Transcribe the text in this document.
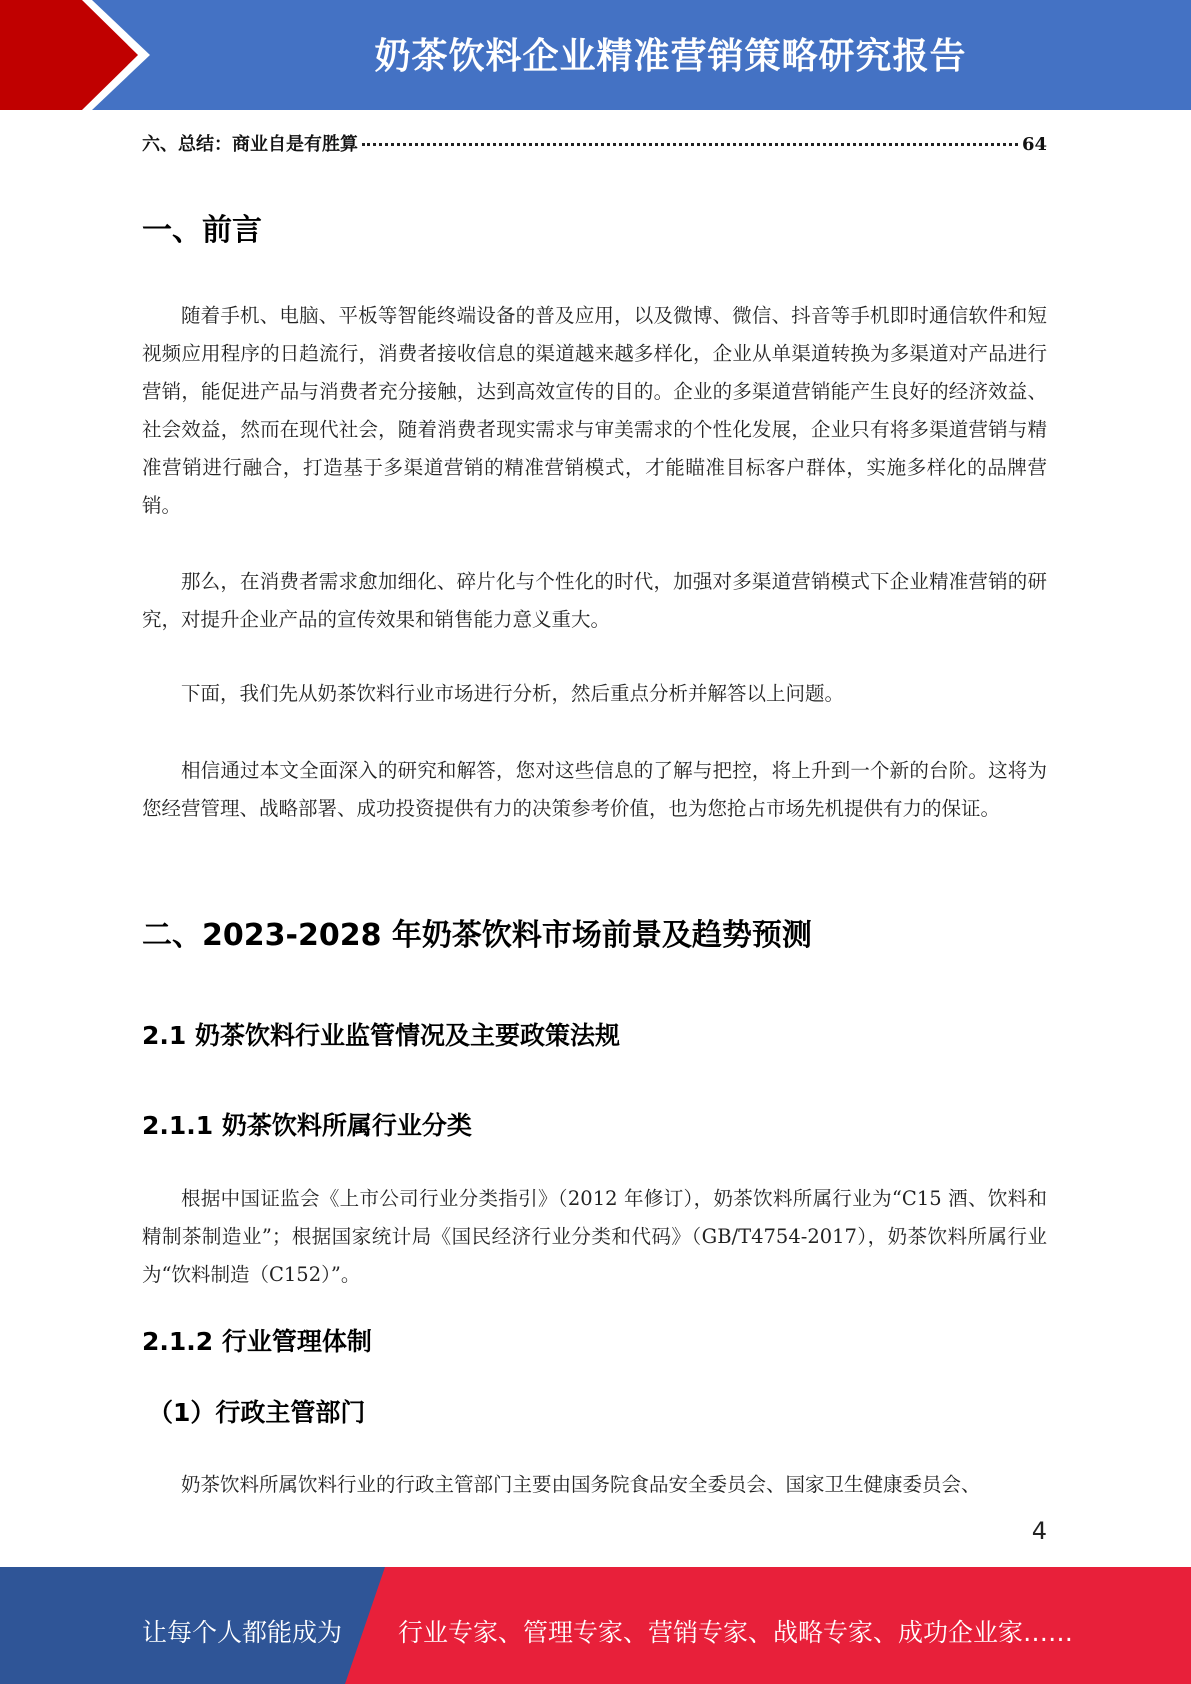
奶茶饮料企业精准营销策略研究报告
六、总结：商业自是有胜算	64
一、前言

随着手机、电脑、平板等智能终端设备的普及应用，以及微博、微信、抖音等手机即时通信软件和短视频应用程序的日趋流行，消费者接收信息的渠道越来越多样化，企业从单渠道转换为多渠道对产品进行营销，能促进产品与消费者充分接触，达到高效宣传的目的。企业的多渠道营销能产生良好的经济效益、社会效益，然而在现代社会，随着消费者现实需求与审美需求的个性化发展，企业只有将多渠道营销与精准营销进行融合，打造基于多渠道营销的精准营销模式，才能瞄准目标客户群体，实施多样化的品牌营销。

那么，在消费者需求愈加细化、碎片化与个性化的时代，加强对多渠道营销模式下企业精准营销的研究，对提升企业产品的宣传效果和销售能力意义重大。

下面，我们先从奶茶饮料行业市场进行分析，然后重点分析并解答以上问题。

相信通过本文全面深入的研究和解答，您对这些信息的了解与把控，将上升到一个新的台阶。这将为您经营管理、战略部署、成功投资提供有力的决策参考价值，也为您抢占市场先机提供有力的保证。

二、2023-2028 年奶茶饮料市场前景及趋势预测
2.1 奶茶饮料行业监管情况及主要政策法规
2.1.1 奶茶饮料所属行业分类

根据中国证监会《上市公司行业分类指引》（2012 年修订），奶茶饮料所属行业为“C15 酒、饮料和精制茶制造业”；根据国家统计局《国民经济行业分类和代码》（GB/T4754-2017），奶茶饮料所属行业为“饮料制造（C152）”。

2.1.2 行业管理体制
（1）行政主管部门

奶茶饮料所属饮料行业的行政主管部门主要由国务院食品安全委员会、国家卫生健康委员会、

4
让每个人都能成为 行业专家、管理专家、营销专家、战略专家、成功企业家……
